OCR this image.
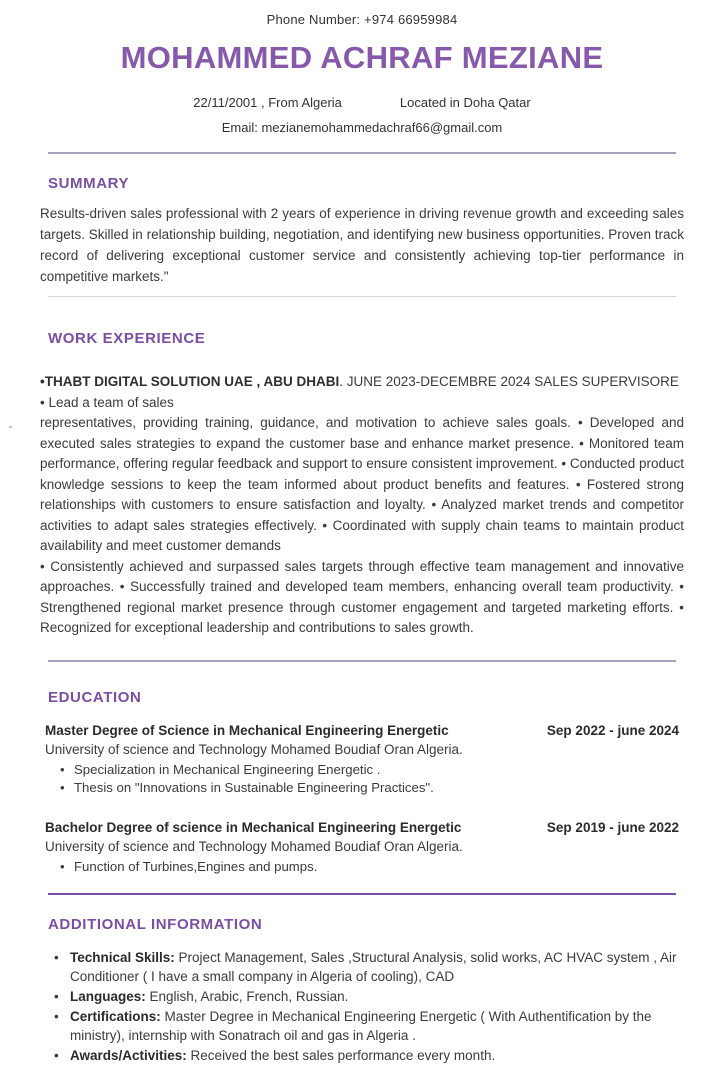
Phone Number: +974 66959984
MOHAMMED ACHRAF MEZIANE
22/11/2001 , From Algeria	Located in Doha Qatar
Email: mezianemohammedachraf66@gmail.com
SUMMARY

Results-driven sales professional with 2 years of experience in driving revenue growth and exceeding sales targets. Skilled in relationship building, negotiation, and identifying new business opportunities. Proven track record of delivering exceptional customer service and consistently achieving top-tier performance in competitive markets."

WORK EXPERIENCE

•THABT DIGITAL SOLUTION UAE , ABU DHABI. JUNE 2023-DECEMBRE 2024 SALES SUPERVISORE

• Lead a team of sales

representatives, providing training, guidance, and motivation to achieve sales goals. • Developed and executed sales strategies to expand the customer base and enhance market presence. • Monitored team performance, offering regular feedback and support to ensure consistent improvement. • Conducted product knowledge sessions to keep the team informed about product benefits and features. • Fostered strong relationships with customers to ensure satisfaction and loyalty. • Analyzed market trends and competitor activities to adapt sales strategies effectively. • Coordinated with supply chain teams to maintain product availability and meet customer demands

• Consistently achieved and surpassed sales targets through effective team management and innovative approaches. • Successfully trained and developed team members, enhancing overall team productivity. • Strengthened regional market presence through customer engagement and targeted marketing efforts. • Recognized for exceptional leadership and contributions to sales growth.

EDUCATION
Master Degree of Science in Mechanical Engineering Energetic	Sep 2022 - june 2024
University of science and Technology Mohamed Boudiaf Oran Algeria.
• Specialization in Mechanical Engineering Energetic .
• Thesis on "Innovations in Sustainable Engineering Practices".
Bachelor Degree of science in Mechanical Engineering Energetic	Sep 2019 - june 2022
University of science and Technology Mohamed Boudiaf Oran Algeria.
• Function of Turbines,Engines and pumps.
ADDITIONAL INFORMATION
• Technical Skills: Project Management, Sales ,Structural Analysis, solid works, AC HVAC system , Air Conditioner ( I have a small company in Algeria of cooling), CAD
• Languages: English, Arabic, French, Russian.
• Certifications: Master Degree in Mechanical Engineering Energetic ( With Authentification by the ministry), internship with Sonatrach oil and gas in Algeria .
• Awards/Activities: Received the best sales performance every month.
